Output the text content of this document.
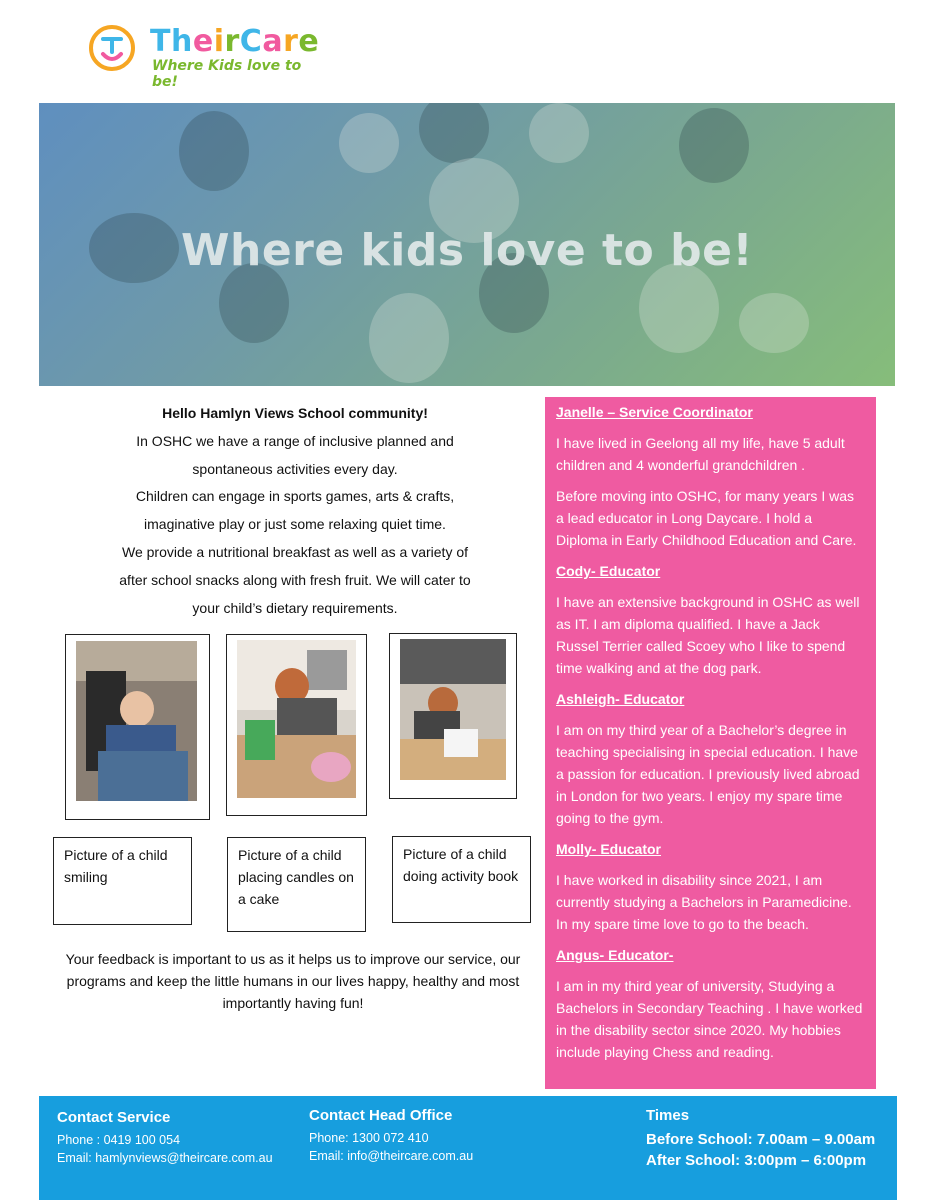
TheirCare
Where Kids love to be!
Where kids love to be!
Hello Hamlyn Views School community!
In OSHC we have a range of inclusive planned and
spontaneous activities every day.
Children can engage in sports games, arts & crafts,
imaginative play or just some relaxing quiet time.
We provide a nutritional breakfast as well as a variety of
after school snacks along with fresh fruit. We will cater to
your child’s dietary requirements.
Picture of a child smiling
Picture of a child placing candles on a cake
Picture of a child doing activity book
Your feedback is important to us as it helps us to improve our service, our programs and keep the little humans in our lives happy, healthy and most importantly having fun!
Janelle – Service Coordinator

I have lived in Geelong all my life, have 5 adult children and 4 wonderful grandchildren .

Before moving into OSHC, for many years I was a lead educator in Long Daycare. I hold a Diploma in Early Childhood Education and Care.

Cody- Educator

I have an extensive background in OSHC as well as IT. I am diploma qualified. I have a Jack Russel Terrier called Scoey who I like to spend time walking and at the dog park.

Ashleigh- Educator

I am on my third year of a Bachelor’s degree in teaching specialising in special education. I have a passion for education. I previously lived abroad in London for two years. I enjoy my spare time going to the gym.

Molly- Educator

I have worked in disability since 2021, I am currently studying a Bachelors in Paramedicine. In my spare time love to go to the beach.

Angus- Educator-

I am in my third year of university, Studying a Bachelors in Secondary Teaching . I have worked in the disability sector since 2020. My hobbies include playing Chess and reading.

Contact Service
Phone : 0419 100 054
Email: hamlynviews@theircare.com.au
Contact Head Office
Phone: 1300 072 410
Email: info@theircare.com.au
Times
Before School: 7.00am – 9.00am
After School: 3:00pm – 6:00pm
